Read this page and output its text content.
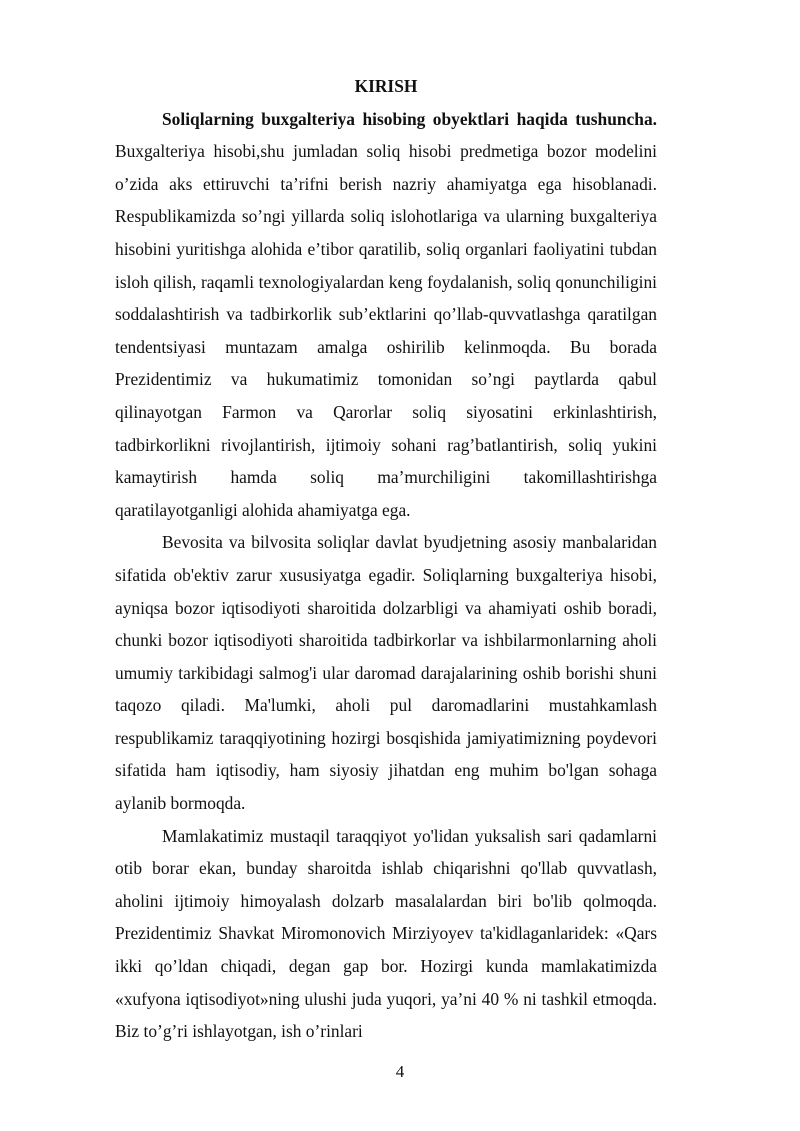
KIRISH

Soliqlarning buxgalteriya hisobing obyektlari haqida tushuncha. Buxgalteriya hisobi,shu jumladan soliq hisobi predmetiga bozor modelini o’zida aks ettiruvchi ta’rifni berish nazriy ahamiyatga ega hisoblanadi. Respublikamizda so’ngi yillarda soliq islohotlariga va ularning buxgalteriya hisobini yuritishga alohida e’tibor qaratilib, soliq organlari faoliyatini tubdan isloh qilish, raqamli texnologiyalardan keng foydalanish, soliq qonunchiligini soddalashtirish va tadbirkorlik sub’ektlarini qo’llab-quvvatlashga qaratilgan tendentsiyasi muntazam amalga oshirilib kelinmoqda. Bu borada Prezidentimiz va hukumatimiz tomonidan so’ngi paytlarda qabul qilinayotgan Farmon va Qarorlar soliq siyosatini erkinlashtirish, tadbirkorlikni rivojlantirish, ijtimoiy sohani rag’batlantirish, soliq yukini kamaytirish hamda soliq ma’murchiligini takomillashtirishga qaratilayotganligi alohida ahamiyatga ega.

Bevosita va bilvosita soliqlar davlat byudjetning asosiy manbalaridan sifatida ob'ektiv zarur xususiyatga egadir. Soliqlarning buxgalteriya hisobi, ayniqsa bozor iqtisodiyoti sharoitida dolzarbligi va ahamiyati oshib boradi, chunki bozor iqtisodiyoti sharoitida tadbirkorlar va ishbilarmonlarning aholi umumiy tarkibidagi salmog'i ular daromad darajalarining oshib borishi shuni taqozo qiladi. Ma'lumki, aholi pul daromadlarini mustahkamlash respublikamiz taraqqiyotining hozirgi bosqishida jamiyatimizning poydevori sifatida ham iqtisodiy, ham siyosiy jihatdan eng muhim bo'lgan sohaga aylanib bormoqda.

Mamlakatimiz mustaqil taraqqiyot yo'lidan yuksalish sari qadamlarni otib borar ekan, bunday sharoitda ishlab chiqarishni qo'llab quvvatlash, aholini ijtimoiy himoyalash dolzarb masalalardan biri bo'lib qolmoqda. Prezidentimiz Shavkat Miromonovich Mirziyoyev ta'kidlaganlaridek: «Qars ikki qo’ldan chiqadi, degan gap bor. Hozirgi kunda mamlakatimizda «xufyona iqtisodiyot»ning ulushi juda yuqori, ya’ni 40 % ni tashkil etmoqda. Biz to’g’ri ishlayotgan, ish o’rinlari

4
